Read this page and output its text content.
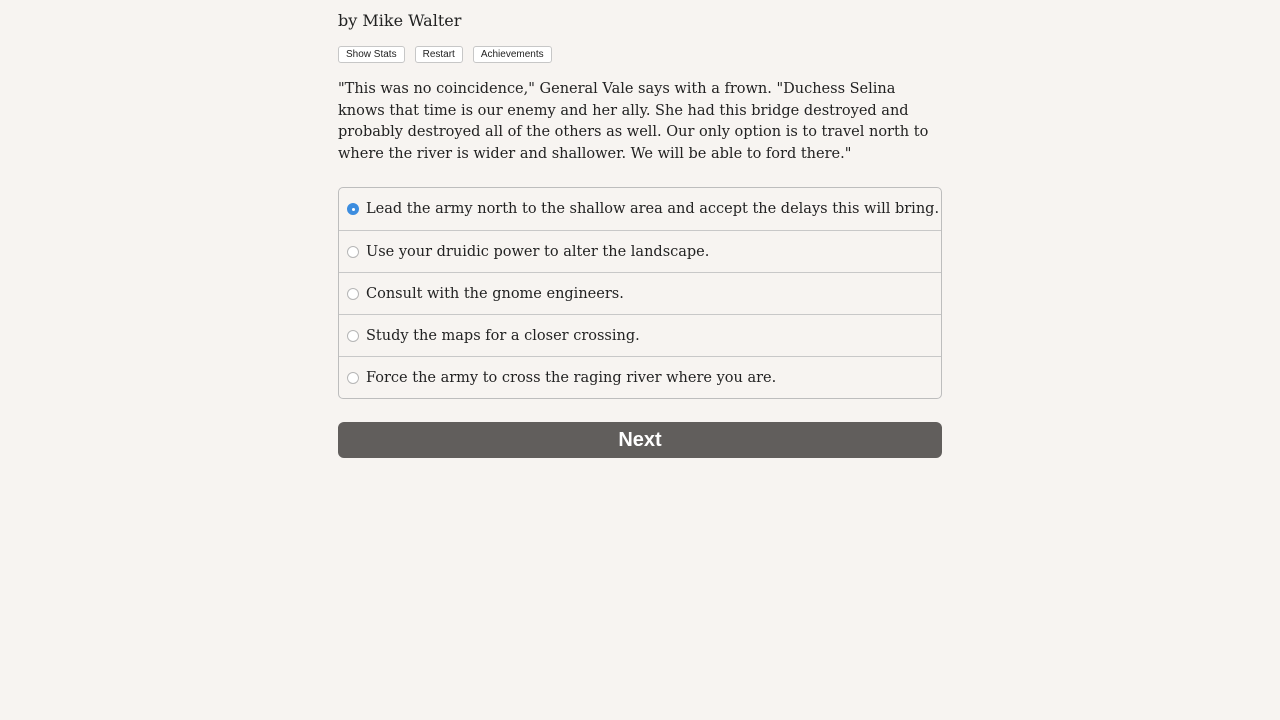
by Mike Walter
Show Stats	Restart	Achievements
"This was no coincidence," General Vale says with a frown. "Duchess Selina knows that time is our enemy and her ally. She had this bridge destroyed and probably destroyed all of the others as well. Our only option is to travel north to where the river is wider and shallower. We will be able to ford there."
Lead the army north to the shallow area and accept the delays this will bring.
Use your druidic power to alter the landscape.
Consult with the gnome engineers.
Study the maps for a closer crossing.
Force the army to cross the raging river where you are.
Next
